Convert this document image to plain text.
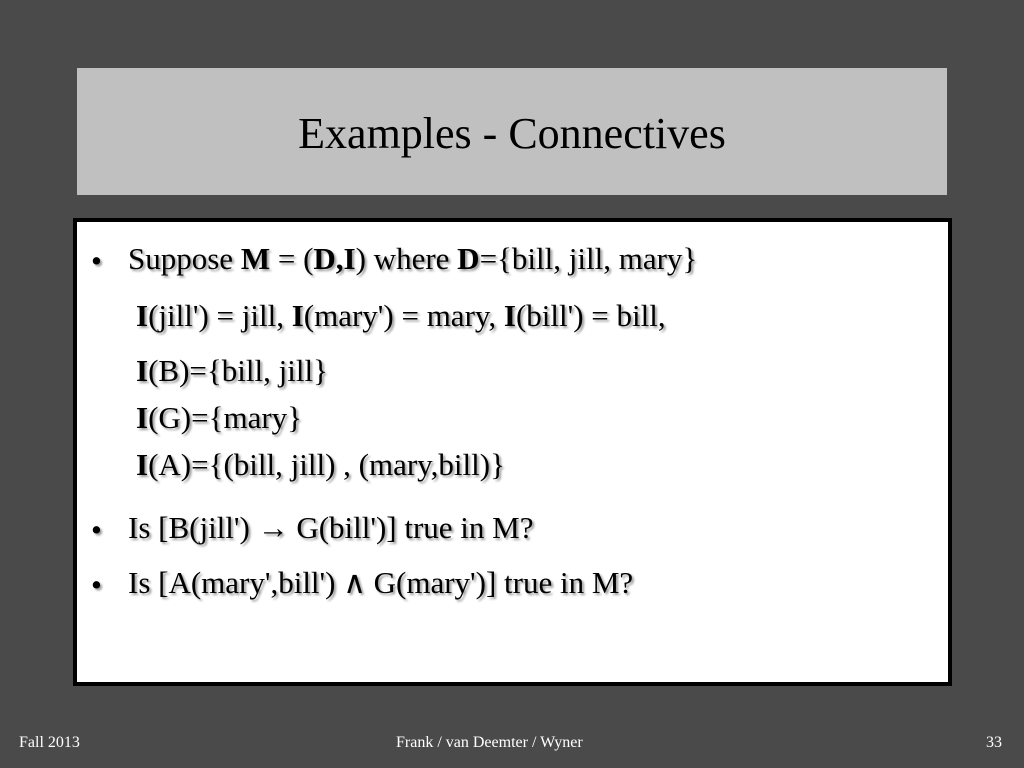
Examples - Connectives
• Suppose M = (D,I) where D={bill, jill, mary}
I(jill') = jill, I(mary') = mary, I(bill') = bill,
I(B)={bill, jill}
I(G)={mary}
I(A)={(bill, jill) , (mary,bill)}
• Is [B(jill') → G(bill')] true in M?
• Is [A(mary',bill') ∧ G(mary')] true in M?
Fall 2013	Frank / van Deemter / Wyner	33
